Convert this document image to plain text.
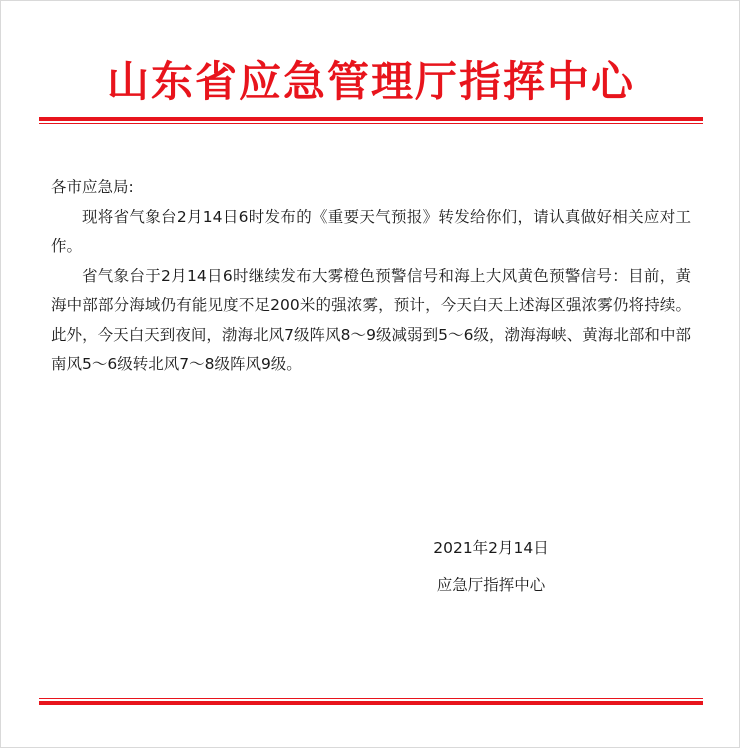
山东省应急管理厅指挥中心

各市应急局:

现将省气象台2月14日6时发布的《重要天气预报》转发给你们，请认真做好相关应对工作。

省气象台于2月14日6时继续发布大雾橙色预警信号和海上大风黄色预警信号：目前，黄海中部部分海域仍有能见度不足200米的强浓雾，预计，今天白天上述海区强浓雾仍将持续。此外，今天白天到夜间，渤海北风7级阵风8～9级减弱到5～6级，渤海海峡、黄海北部和中部南风5～6级转北风7～8级阵风9级。

2021年2月14日
应急厅指挥中心
